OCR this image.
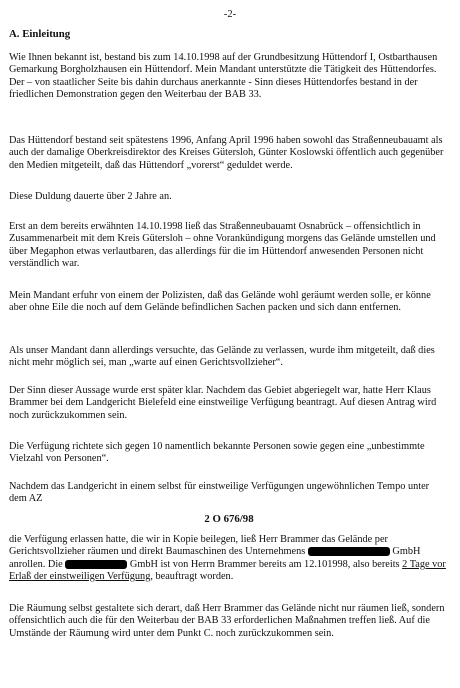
-2-

A. Einleitung

Wie Ihnen bekannt ist, bestand bis zum 14.10.1998 auf der Grundbesitzung Hüttendorf I, Ostbarthausen Gemarkung Borgholzhausen ein Hüttendorf. Mein Mandant unterstützte die Tätigkeit des Hüttendorfes. Der – von staatlicher Seite bis dahin durchaus anerkannte - Sinn dieses Hüttendorfes bestand in der friedlichen Demonstration gegen den Weiterbau der BAB 33.

Das Hüttendorf bestand seit spätestens 1996, Anfang April 1996 haben sowohl das Straßenneubauamt als auch der damalige Oberkreisdirektor des Kreises Gütersloh, Günter Koslowski öffentlich auch gegenüber den Medien mitgeteilt, daß das Hüttendorf „vorerst“ geduldet werde.

Diese Duldung dauerte über 2 Jahre an.

Erst an dem bereits erwähnten 14.10.1998 ließ das Straßenneubauamt Osnabrück – offensichtlich in Zusammenarbeit mit dem Kreis Gütersloh – ohne Vorankündigung morgens das Gelände umstellen und über Megaphon etwas verlautbaren, das allerdings für die im Hüttendorf anwesenden Personen nicht verständlich war.

Mein Mandant erfuhr von einem der Polizisten, daß das Gelände wohl geräumt werden solle, er könne aber ohne Eile die noch auf dem Gelände befindlichen Sachen packen und sich dann entfernen.

Als unser Mandant dann allerdings versuchte, das Gelände zu verlassen, wurde ihm mitgeteilt, daß dies nicht mehr möglich sei, man „warte auf einen Gerichtsvollzieher“.

Der Sinn dieser Aussage wurde erst später klar. Nachdem das Gebiet abgeriegelt war, hatte Herr Klaus Brammer bei dem Landgericht Bielefeld eine einstweilige Verfügung beantragt. Auf diesen Antrag wird noch zurückzukommen sein.

Die Verfügung richtete sich gegen 10 namentlich bekannte Personen sowie gegen eine „unbestimmte Vielzahl von Personen“.

Nachdem das Landgericht in einem selbst für einstweilige Verfügungen ungewöhnlichen Tempo unter dem AZ

2 O 676/98

die Verfügung erlassen hatte, die wir in Kopie beilegen, ließ Herr Brammer das Gelände per Gerichtsvollzieher räumen und direkt Baumaschinen des Unternehmens	GmbH anrollen. Die	GmbH ist von Herrn Brammer bereits am 12.101998, also bereits 2 Tage vor Erlaß der einstweiligen Verfügung, beauftragt worden.

Die Räumung selbst gestaltete sich derart, daß Herr Brammer das Gelände nicht nur räumen ließ, sondern offensichtlich auch die für den Weiterbau der BAB 33 erforderlichen Maßnahmen treffen ließ. Auf die Umstände der Räumung wird unter dem Punkt C. noch zurückzukommen sein.
